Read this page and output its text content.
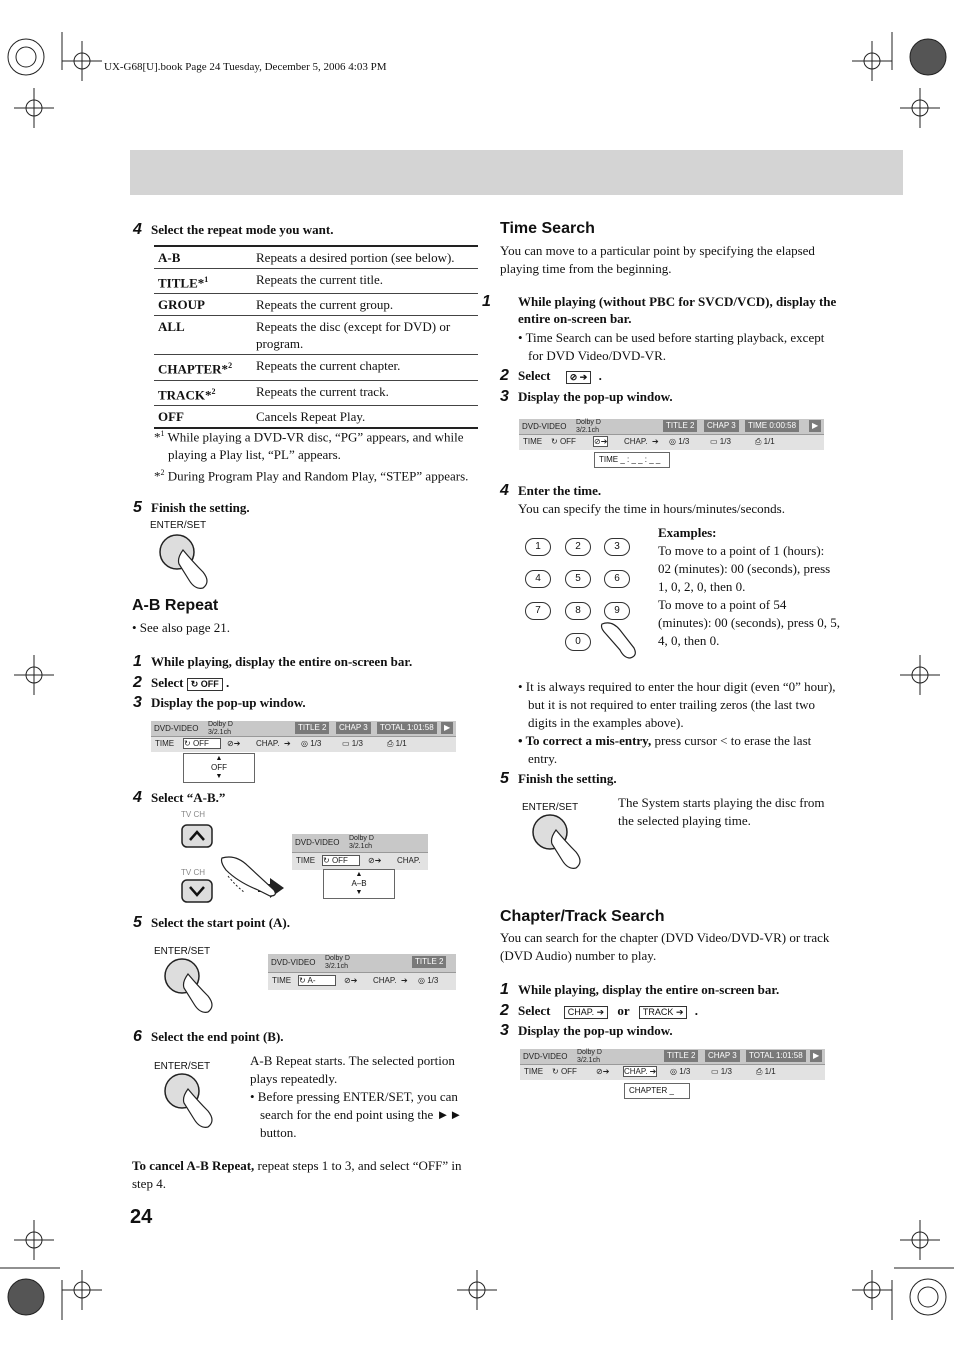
UX-G68[U].book Page 24 Tuesday, December 5, 2006 4:03 PM
4 Select the repeat mode you want.
A-B	Repeats a desired portion (see below).
TITLE*$^1$	Repeats the current title.
GROUP	Repeats the current group.
ALL	Repeats the disc (except for DVD) or program.
CHAPTER*$^2$	Repeats the current chapter.
TRACK*$^2$	Repeats the current track.
OFF	Cancels Repeat Play.
*$^1$ While playing a DVD-VR disc, “PG” appears, and while playing a Play list, “PL” appears.
*$^2$ During Program Play and Random Play, “STEP” appears.
5 Finish the setting.
ENTER/SET
A-B Repeat
• See also page 21.
1 While playing, display the entire on-screen bar.
2 Select ↻ OFF .
3 Display the pop-up window.
DVD-VIDEO Dolby D
3/2.1ch
TITLE 2	CHAP 3	TOTAL 1:01:58	▶
TIME ↻ OFF	⊘➔ CHAP. ➔ ◎ 1/3	▭ 1/3	⎙ 1/1
▲
OFF
▼
4 Select “A-B.”
TV CH
TV CH
DVD-VIDEO Dolby D
3/2.1ch
TIME ↻ OFF	⊘➔ CHAP.
▲
A–B
▼
5 Select the start point (A).
ENTER/SET
DVD-VIDEO Dolby D
3/2.1ch
TITLE 2
TIME ↻ A-	⊘➔ CHAP. ➔ ◎ 1/3
6 Select the end point (B).
ENTER/SET	A-B Repeat starts. The selected portion plays repeatedly.
• Before pressing ENTER/SET, you can search for the end point using the ►► button.
To cancel A-B Repeat, repeat steps 1 to 3, and select “OFF” in step 4.
24
Time Search
You can move to a particular point by specifying the elapsed playing time from the beginning.
1 While playing (without PBC for SVCD/VCD), display the entire on-screen bar.
• Time Search can be used before starting playback, except for DVD Video/DVD-VR.
2 Select ⊘ ➔ .
3 Display the pop-up window.
DVD-VIDEO Dolby D
3/2.1ch
TITLE 2	CHAP 3	TIME 0:00:58	▶
TIME ↻ OFF ⊘➔ CHAP. ➔ ◎ 1/3	▭ 1/3	⎙ 1/1
TIME _ : _ _ : _ _
4 Enter the time.
You can specify the time in hours/minutes/seconds.
1	2	3
4	5	6
7	8	9
0
Examples:
To move to a point of 1 (hours): 02 (minutes): 00 (seconds), press 1, 0, 2, 0, then 0.
To move to a point of 54 (minutes): 00 (seconds), press 0, 5, 4, 0, then 0.
• It is always required to enter the hour digit (even “0” hour), but it is not required to enter trailing zeros (the last two digits in the examples above).
• To correct a mis-entry, press cursor < to erase the last entry.
5 Finish the setting.
ENTER/SET	The System starts playing the disc from the selected playing time.
Chapter/Track Search
You can search for the chapter (DVD Video/DVD-VR) or track (DVD Audio) number to play.
1 While playing, display the entire on-screen bar.
2 Select CHAP. ➔ or TRACK ➔ .
3 Display the pop-up window.
DVD-VIDEO Dolby D
3/2.1ch
TITLE 2	CHAP 3	TOTAL 1:01:58	▶
TIME ↻ OFF ⊘➔ CHAP. ➔ ◎ 1/3	▭ 1/3	⎙ 1/1
CHAPTER _
